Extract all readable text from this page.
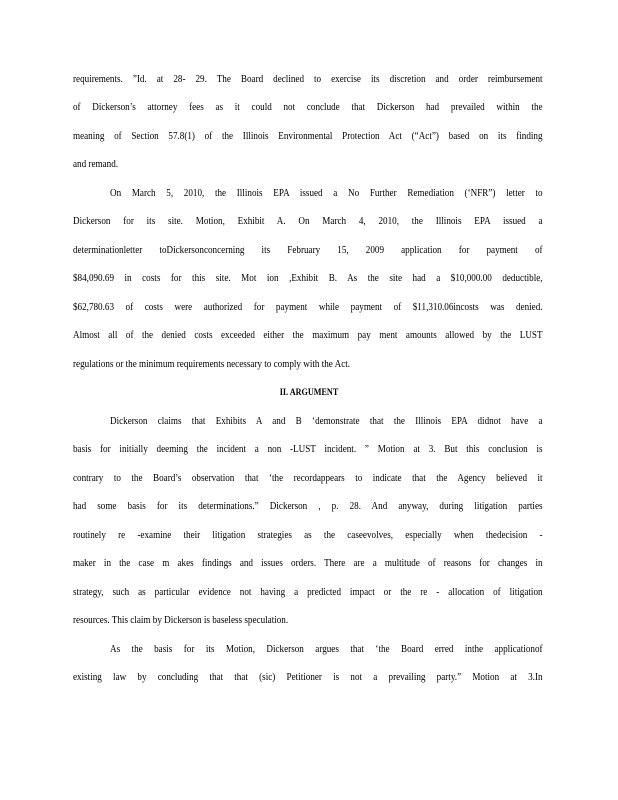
requirements. ”Id. at 28- 29. The Board declined to exercise its discretion and order reimbursement
of Dickerson’s attorney fees as it could not conclude that Dickerson had prevailed within the
meaning of Section 57.8(1) of the Illinois Environmental Protection Act (“Act”) based on its finding
and remand.
On March 5, 2010, the Illinois EPA issued a No Further Remediation (‘NFR”) letter to
Dickerson for its site. Motion, Exhibit A. On March 4, 2010, the Illinois EPA issued a
determinationletter toDickersonconcerning its February 15, 2009 application for payment of
$84,090.69 in costs for this site. Mot ion ,Exhibit B. As the site had a $10,000.00 deductible,
$62,780.63 of costs were authorized for payment while payment of $11,310.06incosts was denied.
Almost all of the denied costs exceeded either the maximum pay ment amounts allowed by the LUST
regulations or the minimum requirements necessary to comply with the Act.
II. ARGUMENT
Dickerson claims that Exhibits A and B ‘demonstrate that the Illinois EPA didnot have a
basis for initially deeming the incident a non -LUST incident. ” Motion at 3. But this conclusion is
contrary to the Board’s observation that ‘the recordappears to indicate that the Agency believed it
had some basis for its determinations.” Dickerson , p. 28. And anyway, during litigation parties
routinely re -examine their litigation strategies as the caseevolves, especially when thedecision -
maker in the case m akes findings and issues orders. There are a multitude of reasons for changes in
strategy, such as particular evidence not having a predicted impact or the re - allocation of litigation
resources. This claim by Dickerson is baseless speculation.
As the basis for its Motion, Dickerson argues that ‘the Board erred inthe applicationof
existing law by concluding that that (sic) Petitioner is not a prevailing party.” Motion at 3.In
